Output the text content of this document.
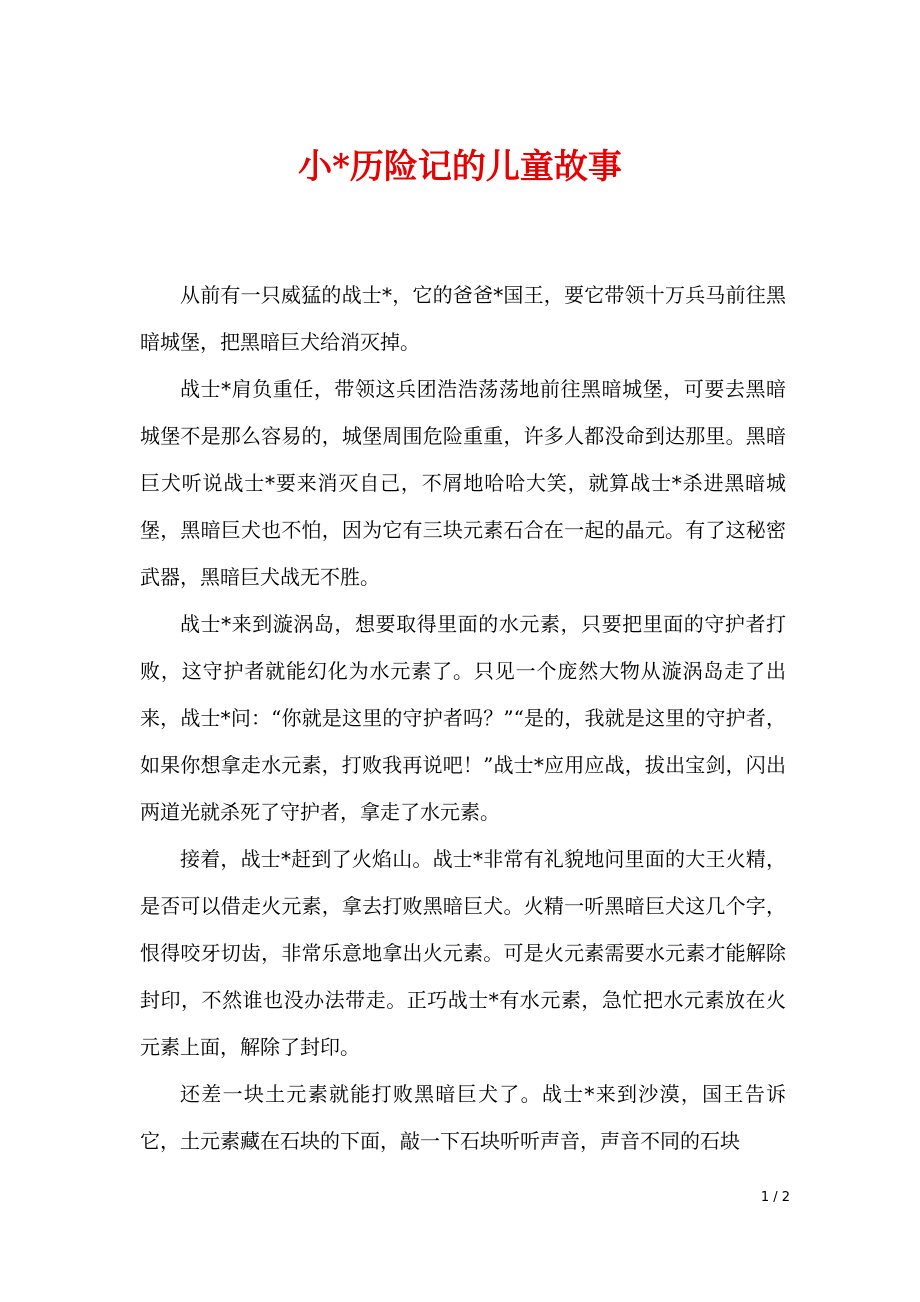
小*历险记的儿童故事

从前有一只威猛的战士*，它的爸爸*国王，要它带领十万兵马前往黑暗城堡，把黑暗巨犬给消灭掉。

战士*肩负重任，带领这兵团浩浩荡荡地前往黑暗城堡，可要去黑暗城堡不是那么容易的，城堡周围危险重重，许多人都没命到达那里。黑暗巨犬听说战士*要来消灭自己，不屑地哈哈大笑，就算战士*杀进黑暗城堡，黑暗巨犬也不怕，因为它有三块元素石合在一起的晶元。有了这秘密武器，黑暗巨犬战无不胜。

战士*来到漩涡岛，想要取得里面的水元素，只要把里面的守护者打败，这守护者就能幻化为水元素了。只见一个庞然大物从漩涡岛走了出来，战士*问：“你就是这里的守护者吗？”“是的，我就是这里的守护者，如果你想拿走水元素，打败我再说吧！”战士*应用应战，拔出宝剑，闪出两道光就杀死了守护者，拿走了水元素。

接着，战士*赶到了火焰山。战士*非常有礼貌地问里面的大王火精，是否可以借走火元素，拿去打败黑暗巨犬。火精一听黑暗巨犬这几个字，恨得咬牙切齿，非常乐意地拿出火元素。可是火元素需要水元素才能解除封印，不然谁也没办法带走。正巧战士*有水元素，急忙把水元素放在火元素上面，解除了封印。

还差一块土元素就能打败黑暗巨犬了。战士*来到沙漠，国王告诉它，土元素藏在石块的下面，敲一下石块听听声音，声音不同的石块

1 / 2
